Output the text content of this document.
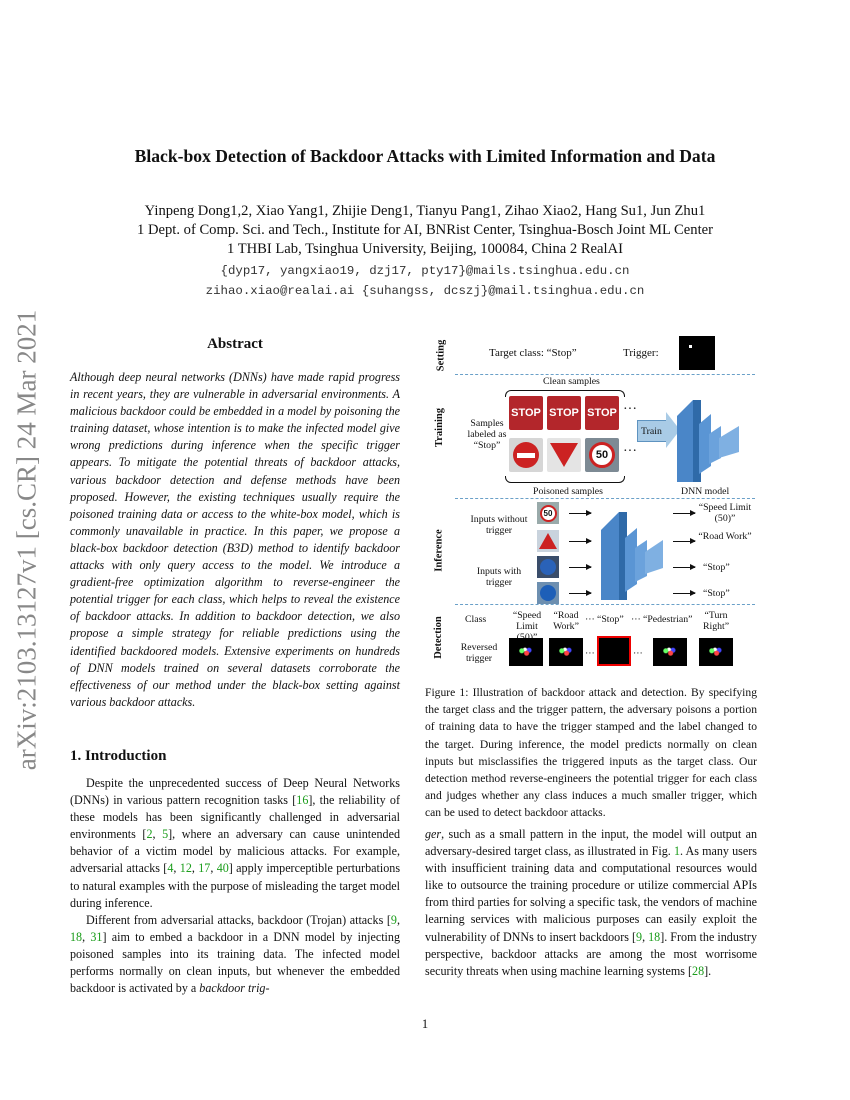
Black-box Detection of Backdoor Attacks with Limited Information and Data
Yinpeng Dong1,2, Xiao Yang1, Zhijie Deng1, Tianyu Pang1, Zihao Xiao2, Hang Su1, Jun Zhu1
1 Dept. of Comp. Sci. and Tech., Institute for AI, BNRist Center, Tsinghua-Bosch Joint ML Center
1 THBI Lab, Tsinghua University, Beijing, 100084, China 2 RealAI
{dyp17, yangxiao19, dzj17, pty17}@mails.tsinghua.edu.cn
zihao.xiao@realai.ai {suhangss, dcszj}@mail.tsinghua.edu.cn
arXiv:2103.13127v1 [cs.CR] 24 Mar 2021	Abstract
Although deep neural networks (DNNs) have made rapid progress in recent years, they are vulnerable in adversarial environments. A malicious backdoor could be embedded in a model by poisoning the training dataset, whose intention is to make the infected model give wrong predictions during inference when the specific trigger appears. To mitigate the potential threats of backdoor attacks, various backdoor detection and defense methods have been proposed. However, the existing techniques usually require the poisoned training data or access to the white-box model, which is commonly unavailable in practice. In this paper, we propose a black-box backdoor detection (B3D) method to identify backdoor attacks with only query access to the model. We introduce a gradient-free optimization algorithm to reverse-engineer the potential trigger for each class, which helps to reveal the existence of backdoor attacks. In addition to backdoor detection, we also propose a simple strategy for reliable predictions using the identified backdoored models. Extensive experiments on hundreds of DNN models trained on several datasets corroborate the effectiveness of our method under the black-box setting against various backdoor attacks.
1. Introduction

Despite the unprecedented success of Deep Neural Networks (DNNs) in various pattern recognition tasks [16], the reliability of these models has been significantly challenged in adversarial environments [2, 5], where an adversary can cause unintended behavior of a victim model by malicious attacks. For example, adversarial attacks [4, 12, 17, 40] apply imperceptible perturbations to natural examples with the purpose of misleading the target model during inference.

Different from adversarial attacks, backdoor (Trojan) attacks [9, 18, 31] aim to embed a backdoor in a DNN model by injecting poisoned samples into its training data. The infected model performs normally on clean inputs, but whenever the embedded backdoor is activated by a backdoor trig-

Setting
Training
Inference
Detection
Target class: “Stop”	Trigger:
Clean samples
Samples labeled as “Stop”
STOP STOP STOP ···
50	···
Poisoned samples
Train
DNN model
Inputs without trigger
Inputs with trigger
50	“Speed Limit (50)”
“Road Work”
“Stop”
“Stop”
Class	“Speed Limit
“Road Work”
··· “Stop” ··· “Pedestrian”	“Turn Right”
Reversed trigger	···	···
Figure 1: Illustration of backdoor attack and detection. By specifying the target class and the trigger pattern, the adversary poisons a portion of training data to have the trigger stamped and the label changed to the target. During inference, the model predicts normally on clean inputs but misclassifies the triggered inputs as the target class. Our detection method reverse-engineers the potential trigger for each class and judges whether any class induces a much smaller trigger, which can be used to detect backdoor attacks.

ger, such as a small pattern in the input, the model will output an adversary-desired target class, as illustrated in Fig. 1. As many users with insufficient training data and computational resources would like to outsource the training procedure or utilize commercial APIs from third parties for solving a specific task, the vendors of machine learning services with malicious purposes can easily exploit the vulnerability of DNNs to insert backdoors [9, 18]. From the industry perspective, backdoor attacks are among the most worrisome security threats when using machine learning systems [28].

1
